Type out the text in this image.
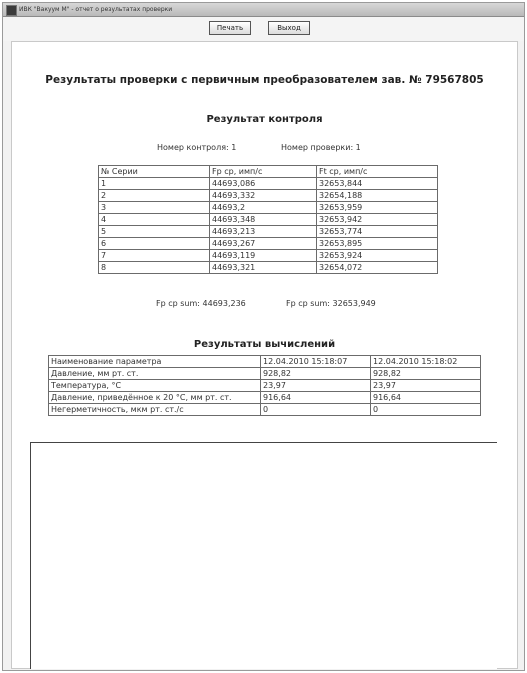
ИВК "Вакуум М" - отчет о результатах проверки
Печать	Выход
Результаты проверки с первичным преобразователем зав. № 79567805
Результат контроля
Номер контроля: 1	Номер проверки: 1
№ Серии	Fp ср, имп/с	Ft ср, имп/с
1	44693,086	32653,844
2	44693,332	32654,188
3	44693,2	32653,959
4	44693,348	32653,942
5	44693,213	32653,774
6	44693,267	32653,895
7	44693,119	32653,924
8	44693,321	32654,072
Fp cp sum: 44693,236	Fp cp sum: 32653,949
Результаты вычислений
Наименование параметра	12.04.2010 15:18:07	12.04.2010 15:18:02
Давление, мм рт. ст.	928,82	928,82
Температура, °С	23,97	23,97
Давление, приведённое к 20 °С, мм рт. ст.	916,64	916,64
Негерметичность, мкм рт. ст./с	0	0
